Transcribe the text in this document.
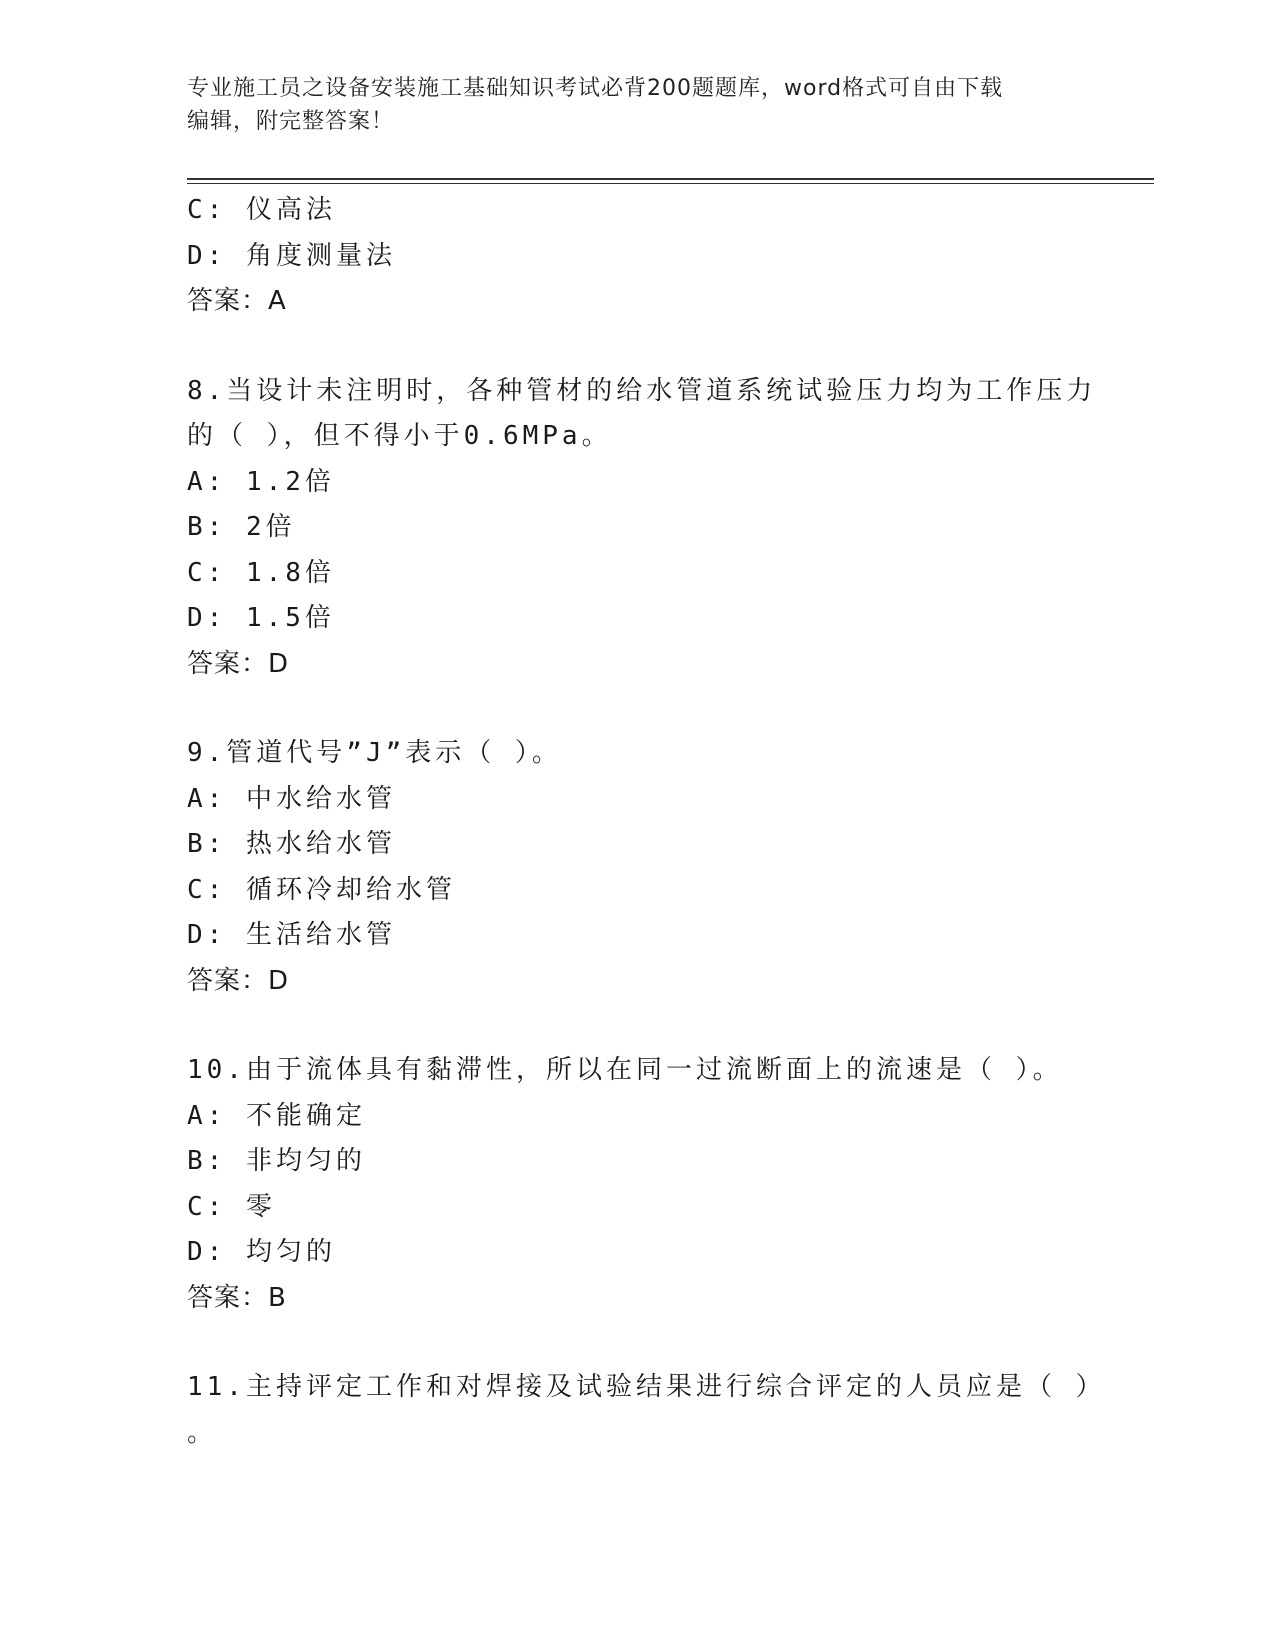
专业施工员之设备安装施工基础知识考试必背200题题库，word格式可自由下载
编辑，附完整答案！
C: 仪高法
D: 角度测量法
答案：A
8.当设计未注明时，各种管材的给水管道系统试验压力均为工作压力
的（ ），但不得小于0.6MPa。
A: 1.2倍
B: 2倍
C: 1.8倍
D: 1.5倍
答案：D
9.管道代号”J”表示（ ）。
A: 中水给水管
B: 热水给水管
C: 循环冷却给水管
D: 生活给水管
答案：D
10.由于流体具有黏滞性，所以在同一过流断面上的流速是（ ）。
A: 不能确定
B: 非均匀的
C: 零
D: 均匀的
答案：B
11.主持评定工作和对焊接及试验结果进行综合评定的人员应是（ ）
。
